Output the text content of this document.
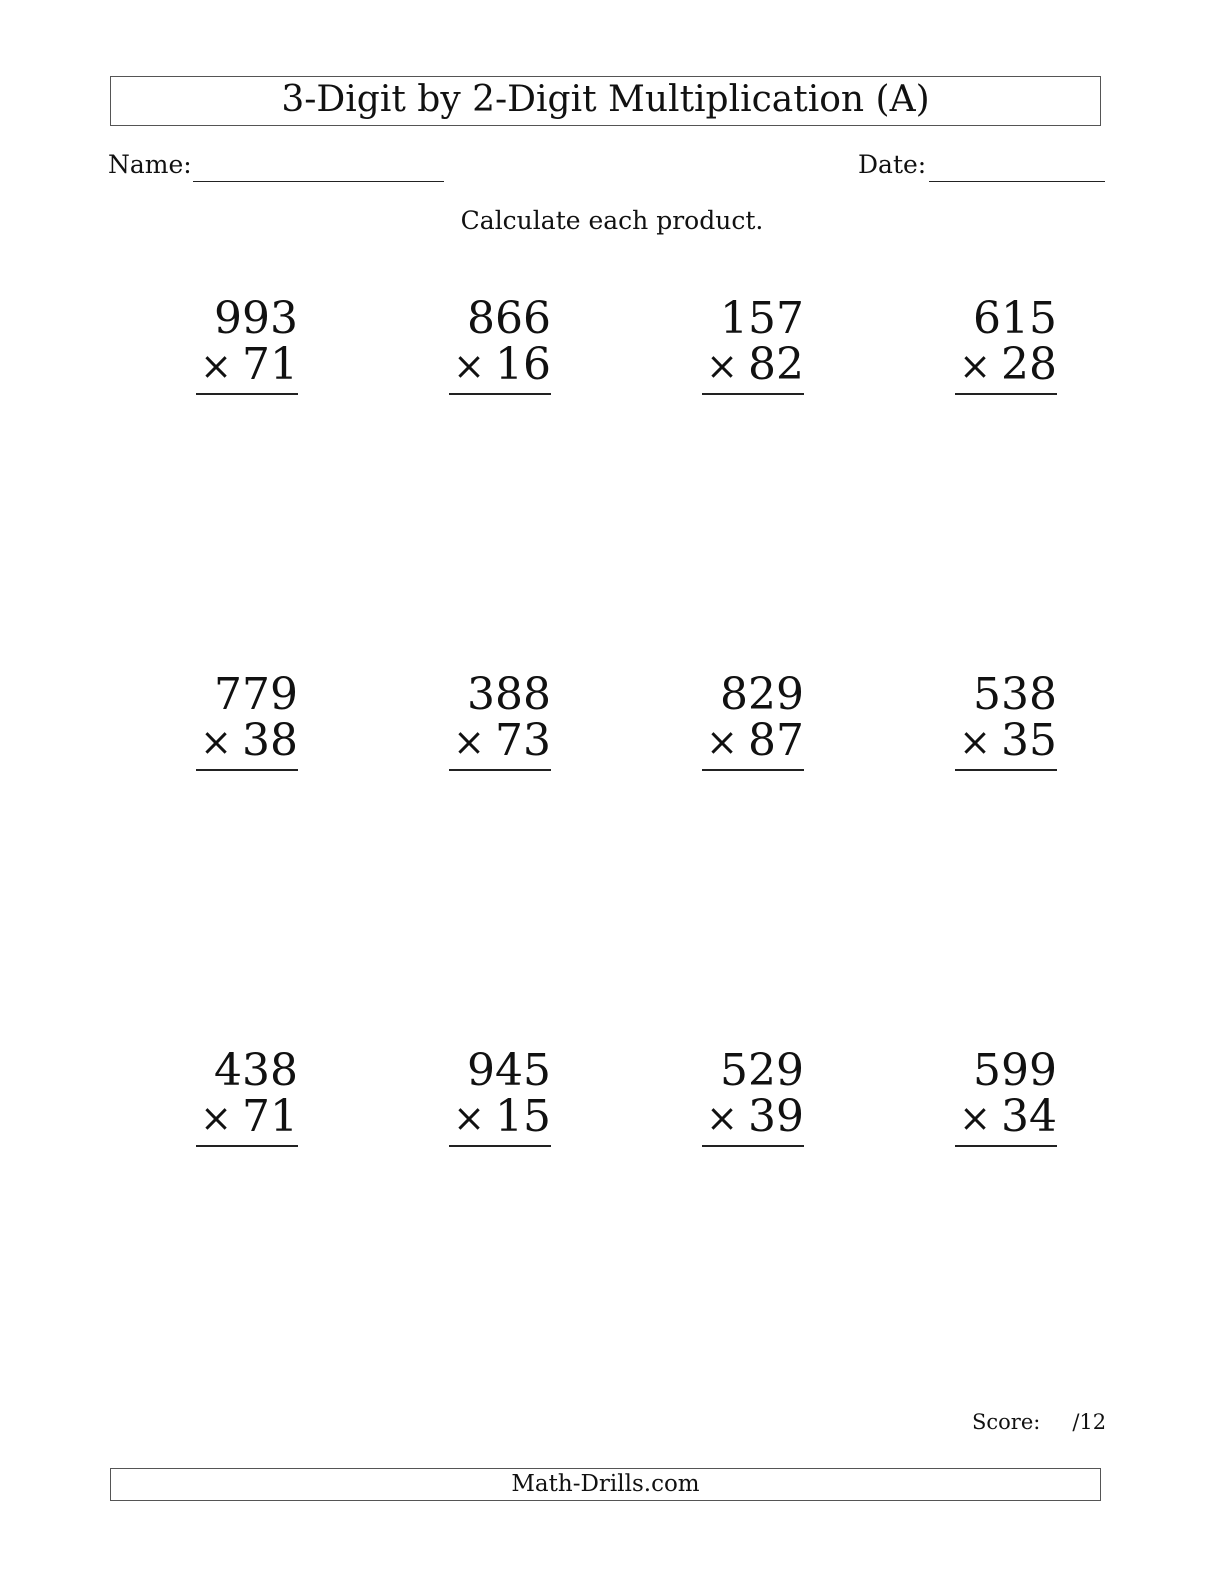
3-Digit by 2-Digit Multiplication (A)
Name:	Date:
Calculate each product.
993
× 71
866
× 16
157
× 82
615
× 28
779
× 38
388
× 73
829
× 87
538
× 35
438
× 71
945
× 15
529
× 39
599
× 34
Score: /12
Math-Drills.com
